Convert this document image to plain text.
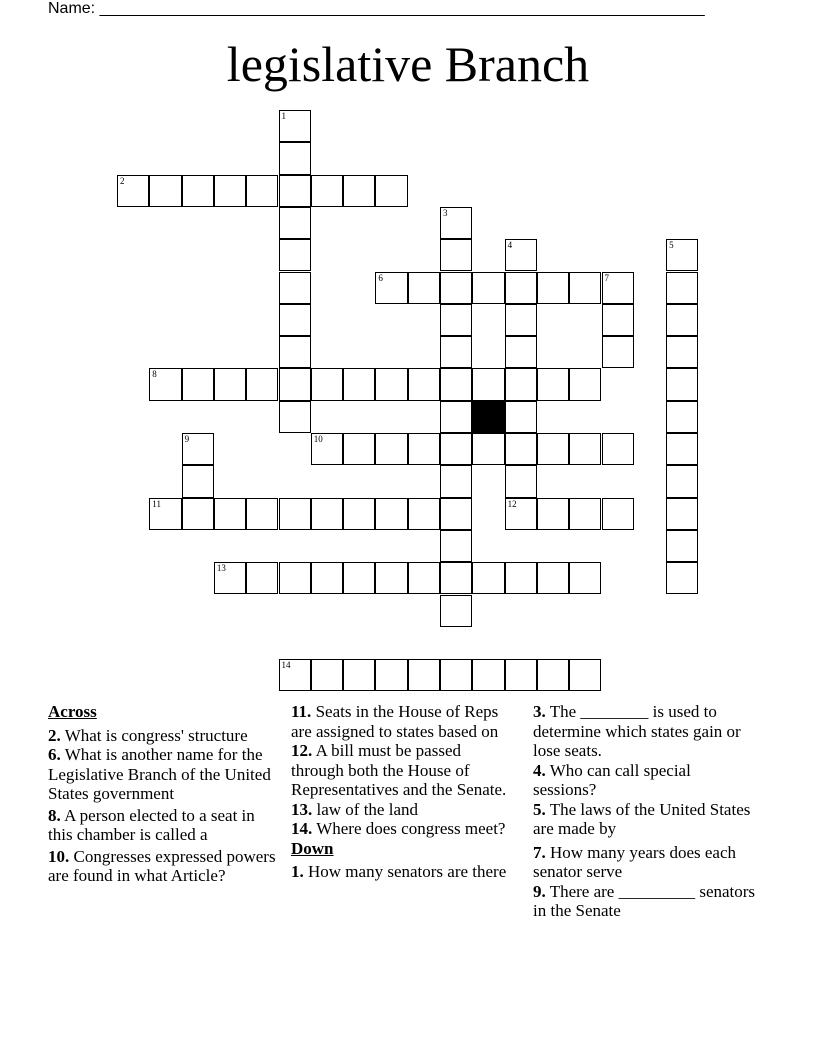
Name: ____________________________________________________________________
legislative Branch
2
6	7
8
10
11	12
13
14
1
3
4	5
9
Across
2. What is congress' structure
6. What is another name for the Legislative Branch of the United States government
8. A person elected to a seat in this chamber is called a
10. Congresses expressed powers are found in what Article?
11. Seats in the House of Reps are assigned to states based on
12. A bill must be passed through both the House of Representatives and the Senate.
13. law of the land
14. Where does congress meet?
Down
1. How many senators are there
3. The ________ is used to determine which states gain or lose seats.
4. Who can call special sessions?
5. The laws of the United States are made by
7. How many years does each senator serve
9. There are _________ senators in the Senate
